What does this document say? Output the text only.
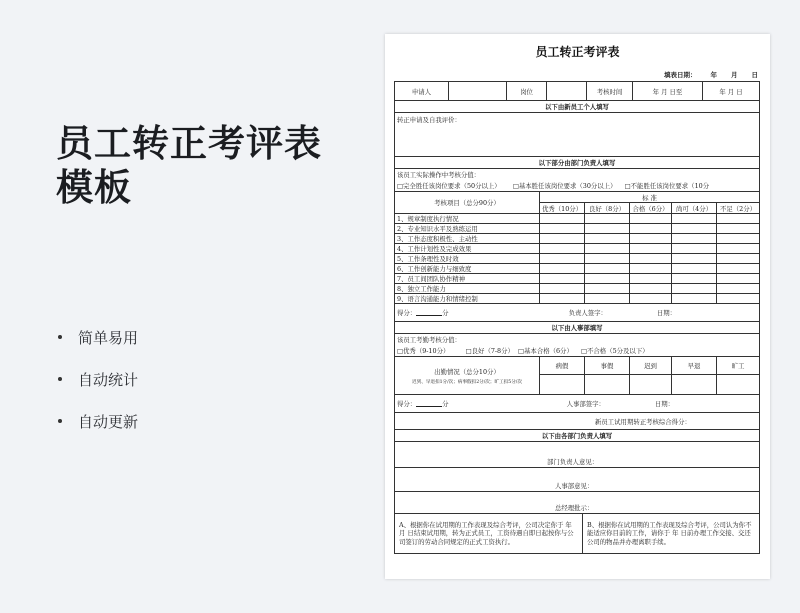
员工转正考评表
模板
简单易用
自动统计
自动更新
员工转正考评表
填表日期： 年 月 日
申请人	岗位	考核时间	年 月 日至	年 月 日
以下由新员工个人填写
转正申请及自我评价：
以下部分由部门负责人填写
该员工实际操作中考核分值：
□完全胜任该岗位要求（50分以上） □基本胜任该岗位要求（30分以上） □不能胜任该岗位要求（10分
考核项目（总分90分）
标 准
优秀（10分）	良好（8分）	合格（6分）	尚可（4分）	不足（2分）
1、规章制度执行情况
2、专业知识水平及熟练运用
3、工作态度积极性、主动性
4、工作计划性及完成效果
5、工作条理性及时效
6、工作创新能力与细致度
7、员工间团队协作精神
8、独立工作能力
9、语言沟通能力和情绪控制
得分：	分	负责人签字：	日期：
以下由人事部填写
该员工考勤考核分值：
□优秀（9-10分）	□良好（7-8分） □基本合格（6分） □不合格（5分及以下）
出勤情况（总分10分）
迟到、早退扣1分/次；病事假扣2分/次；旷工扣5分/次
病假	事假	迟到	早退	旷工
得分：	分	人事部签字：	日期：
新员工试用期转正考核综合得分：
以下由各部门负责人填写
部门负责人意见：
人事部意见：
总经理批示：
A、根据你在试用期的工作表现及综合考评，公司决定你于 年 月 日结束试用期，转为正式员工，工资待遇自即日起按你与公司签订的劳动合同规定的正式工资执行。
B、根据你在试用期的工作表现及综合考评，公司认为你不能适应你目前的工作，请你于 年 日前办理工作交接、交还公司的物品并办理离职手续。
